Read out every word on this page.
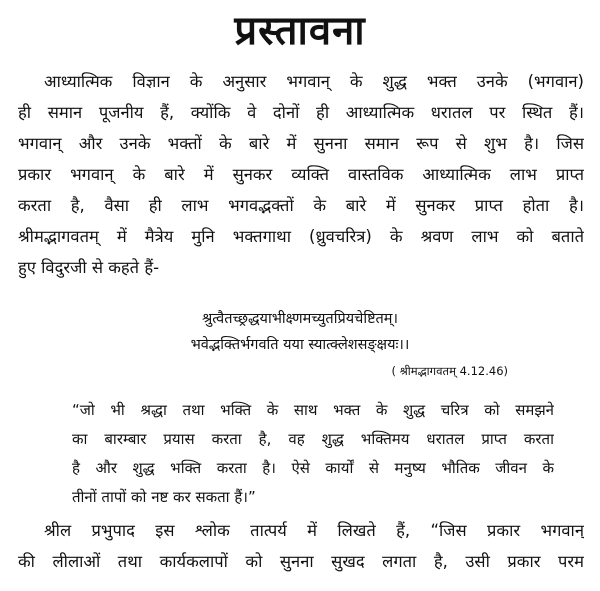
प्रस्तावना
आध्यात्मिक विज्ञान के अनुसार भगवान् के शुद्ध भक्त उनके (भगवान)
ही समान पूजनीय हैं, क्योंकि वे दोनों ही आध्यात्मिक धरातल पर स्थित हैं।
भगवान् और उनके भक्तों के बारे में सुनना समान रूप से शुभ है। जिस
प्रकार भगवान् के बारे में सुनकर व्यक्ति वास्तविक आध्यात्मिक लाभ प्राप्त
करता है, वैसा ही लाभ भगवद्भक्तों के बारे में सुनकर प्राप्त होता है।
श्रीमद्भागवतम् में मैत्रेय मुनि भक्तगाथा (ध्रुवचरित्र) के श्रवण लाभ को बताते
हुए विदुरजी से कहते हैं-
श्रुत्वैतच्छ्रद्धयाभीक्ष्णमच्युतप्रियचेष्टितम्।
भवेद्भक्तिर्भगवति यया स्यात्क्लेशसङ्क्षयः।।
( श्रीमद्भागवतम् 4.12.46)
“जो भी श्रद्धा तथा भक्ति के साथ भक्त के शुद्ध चरित्र को समझने
का बारम्बार प्रयास करता है, वह शुद्ध भक्तिमय धरातल प्राप्त करता
है और शुद्ध भक्ति करता है। ऐसे कार्यों से मनुष्य भौतिक जीवन के
तीनों तापों को नष्ट कर सकता हैं।”
श्रील प्रभुपाद इस श्लोक तात्पर्य में लिखते हैं, “जिस प्रकार भगवान्
की लीलाओं तथा कार्यकलापों को सुनना सुखद लगता है, उसी प्रकार परम
